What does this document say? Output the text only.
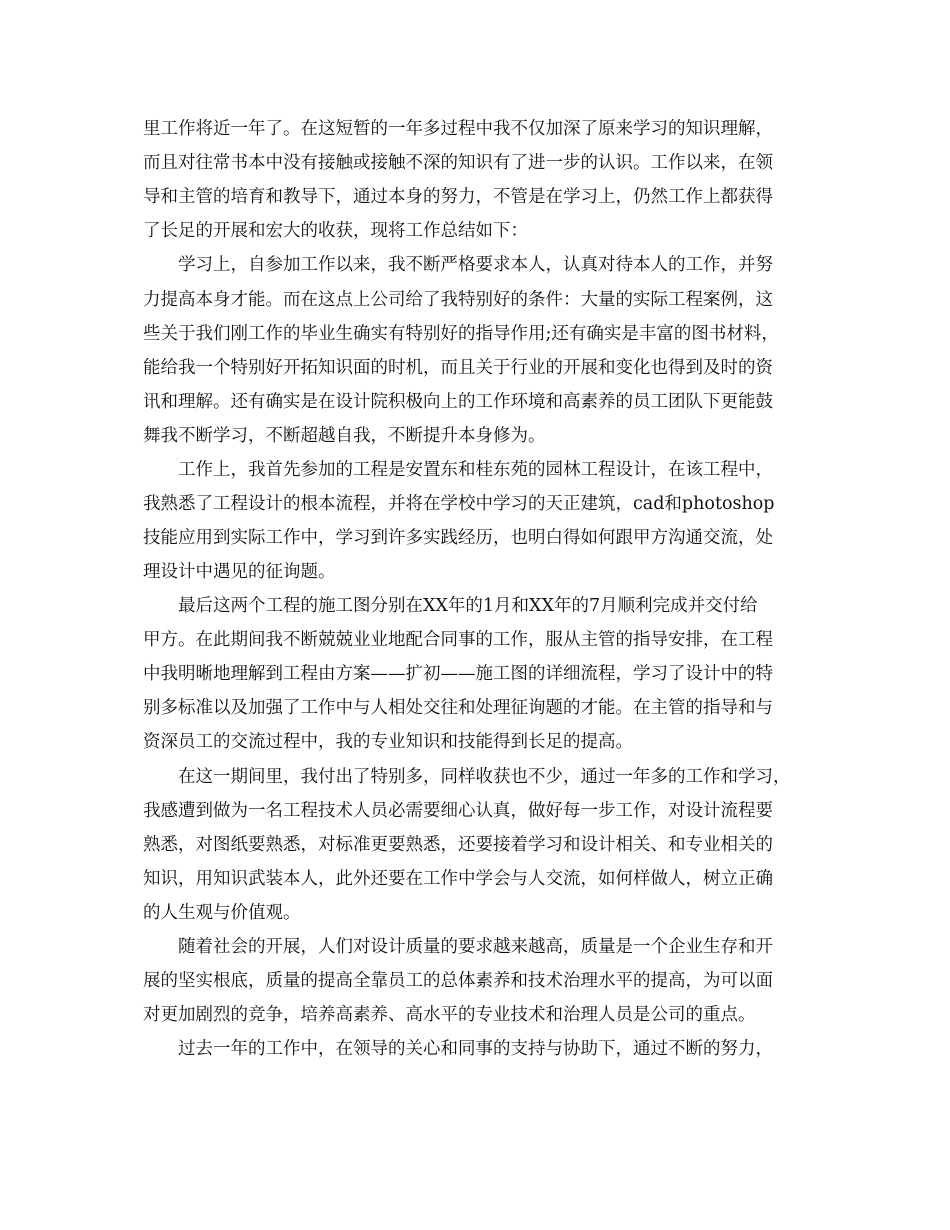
里工作将近一年了。在这短暂的一年多过程中我不仅加深了原来学习的知识理解，
而且对往常书本中没有接触或接触不深的知识有了进一步的认识。工作以来，在领
导和主管的培育和教导下，通过本身的努力，不管是在学习上，仍然工作上都获得
了长足的开展和宏大的收获，现将工作总结如下：
学习上，自参加工作以来，我不断严格要求本人，认真对待本人的工作，并努
力提高本身才能。而在这点上公司给了我特别好的条件：大量的实际工程案例，这
些关于我们刚工作的毕业生确实有特别好的指导作用;还有确实是丰富的图书材料，
能给我一个特别好开拓知识面的时机，而且关于行业的开展和变化也得到及时的资
讯和理解。还有确实是在设计院积极向上的工作环境和高素养的员工团队下更能鼓
舞我不断学习，不断超越自我，不断提升本身修为。
工作上，我首先参加的工程是安置东和桂东苑的园林工程设计，在该工程中，
我熟悉了工程设计的根本流程，并将在学校中学习的天正建筑，cad和photoshop
技能应用到实际工作中，学习到许多实践经历，也明白得如何跟甲方沟通交流，处
理设计中遇见的征询题。
最后这两个工程的施工图分别在XX年的1月和XX年的7月顺利完成并交付给
甲方。在此期间我不断兢兢业业地配合同事的工作，服从主管的指导安排，在工程
中我明晰地理解到工程由方案——扩初——施工图的详细流程，学习了设计中的特
别多标准以及加强了工作中与人相处交往和处理征询题的才能。在主管的指导和与
资深员工的交流过程中，我的专业知识和技能得到长足的提高。
在这一期间里，我付出了特别多，同样收获也不少，通过一年多的工作和学习，
我感遭到做为一名工程技术人员必需要细心认真，做好每一步工作，对设计流程要
熟悉，对图纸要熟悉，对标准更要熟悉，还要接着学习和设计相关、和专业相关的
知识，用知识武装本人，此外还要在工作中学会与人交流，如何样做人，树立正确
的人生观与价值观。
随着社会的开展，人们对设计质量的要求越来越高，质量是一个企业生存和开
展的坚实根底，质量的提高全靠员工的总体素养和技术治理水平的提高，为可以面
对更加剧烈的竞争，培养高素养、高水平的专业技术和治理人员是公司的重点。
过去一年的工作中，在领导的关心和同事的支持与协助下，通过不断的努力，
